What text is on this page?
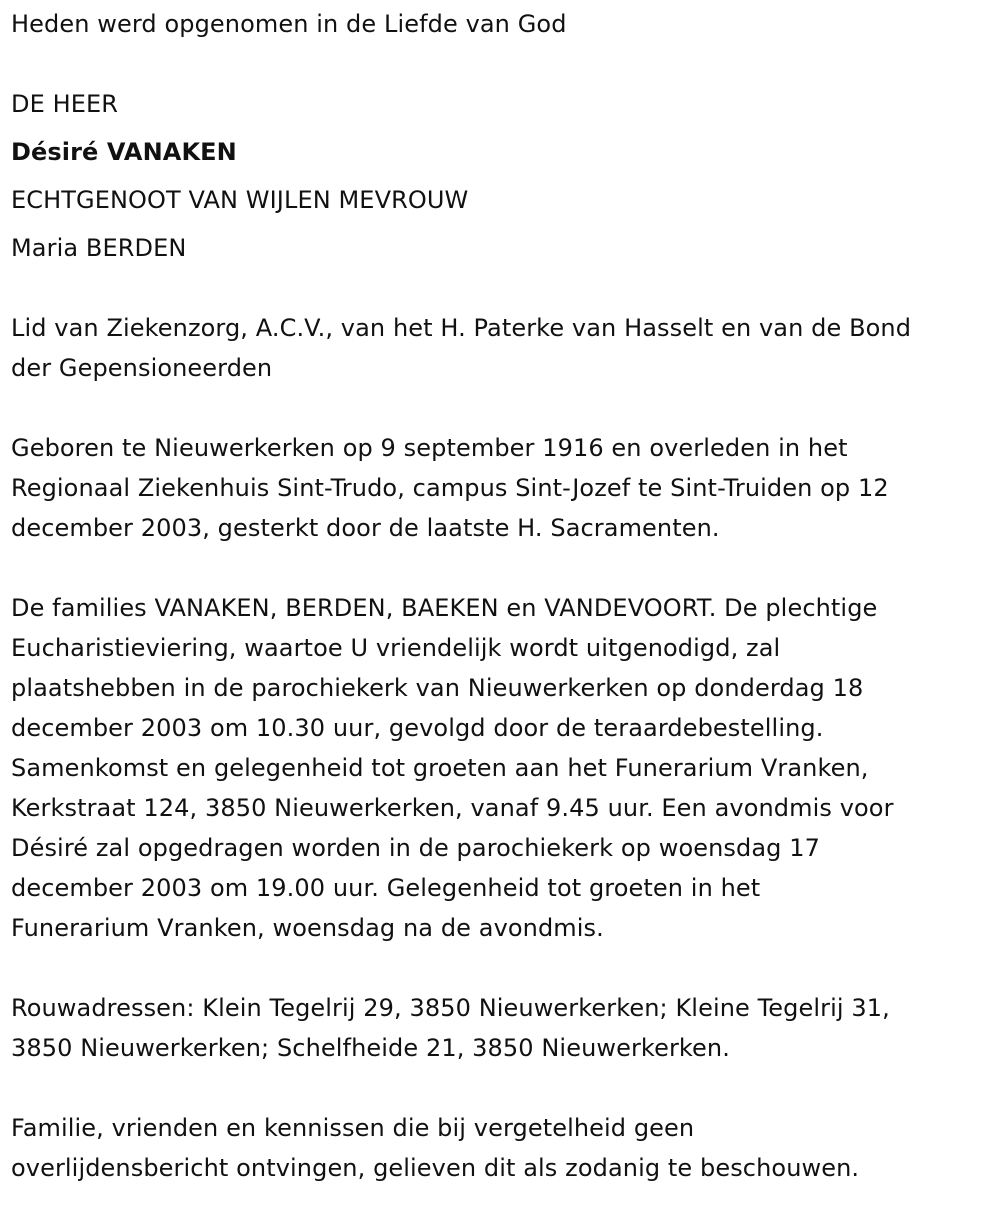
Heden werd opgenomen in de Liefde van God
DE HEER
Désiré VANAKEN
ECHTGENOOT VAN WIJLEN MEVROUW
Maria BERDEN
Lid van Ziekenzorg, A.C.V., van het H. Paterke van Hasselt en van de Bond
der Gepensioneerden
Geboren te Nieuwerkerken op 9 september 1916 en overleden in het
Regionaal Ziekenhuis Sint-Trudo, campus Sint-Jozef te Sint-Truiden op 12
december 2003, gesterkt door de laatste H. Sacramenten.
De families VANAKEN, BERDEN, BAEKEN en VANDEVOORT. De plechtige
Eucharistieviering, waartoe U vriendelijk wordt uitgenodigd, zal
plaatshebben in de parochiekerk van Nieuwerkerken op donderdag 18
december 2003 om 10.30 uur, gevolgd door de teraardebestelling.
Samenkomst en gelegenheid tot groeten aan het Funerarium Vranken,
Kerkstraat 124, 3850 Nieuwerkerken, vanaf 9.45 uur. Een avondmis voor
Désiré zal opgedragen worden in de parochiekerk op woensdag 17
december 2003 om 19.00 uur. Gelegenheid tot groeten in het
Funerarium Vranken, woensdag na de avondmis.
Rouwadressen: Klein Tegelrij 29, 3850 Nieuwerkerken; Kleine Tegelrij 31,
3850 Nieuwerkerken; Schelfheide 21, 3850 Nieuwerkerken.
Familie, vrienden en kennissen die bij vergetelheid geen
overlijdensbericht ontvingen, gelieven dit als zodanig te beschouwen.
